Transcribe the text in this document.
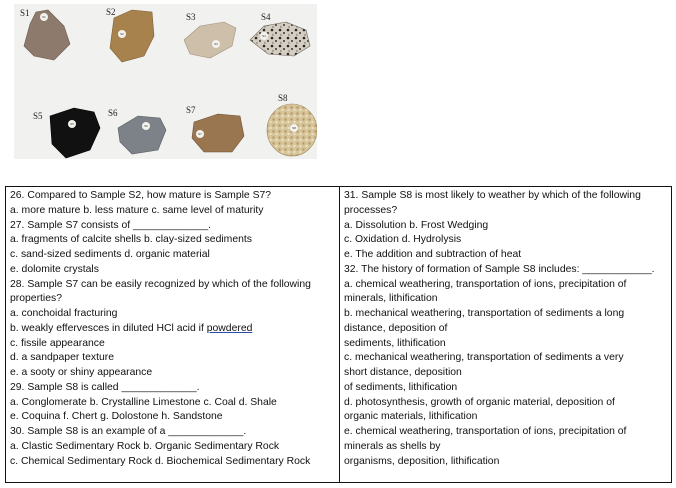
S1	S1	S2
S2
S3
S3
S4
S4
S5
S5
S6
S6
S7
S7
S8
S8
26. Compared to Sample S2, how mature is Sample S7?
a. more mature b. less mature c. same level of maturity
27. Sample S7 consists of _____________.
a. fragments of calcite shells b. clay-sized sediments
c. sand-sized sediments d. organic material
e. dolomite crystals
28. Sample S7 can be easily recognized by which of the following
properties?
a. conchoidal fracturing
b. weakly effervesces in diluted HCl acid if powdered
c. fissile appearance
d. a sandpaper texture
e. a sooty or shiny appearance
29. Sample S8 is called _____________.
a. Conglomerate b. Crystalline Limestone c. Coal d. Shale
e. Coquina f. Chert g. Dolostone h. Sandstone
30. Sample S8 is an example of a _____________.
a. Clastic Sedimentary Rock b. Organic Sedimentary Rock
c. Chemical Sedimentary Rock d. Biochemical Sedimentary Rock

31. Sample S8 is most likely to weather by which of the following
processes?
a. Dissolution b. Frost Wedging
c. Oxidation d. Hydrolysis
e. The addition and subtraction of heat
32. The history of formation of Sample S8 includes: ____________.
a. chemical weathering, transportation of ions, precipitation of
minerals, lithification
b. mechanical weathering, transportation of sediments a long
distance, deposition of
sediments, lithification
c. mechanical weathering, transportation of sediments a very
short distance, deposition
of sediments, lithification
d. photosynthesis, growth of organic material, deposition of
organic materials, lithification
e. chemical weathering, transportation of ions, precipitation of
minerals as shells by
organisms, deposition, lithification
